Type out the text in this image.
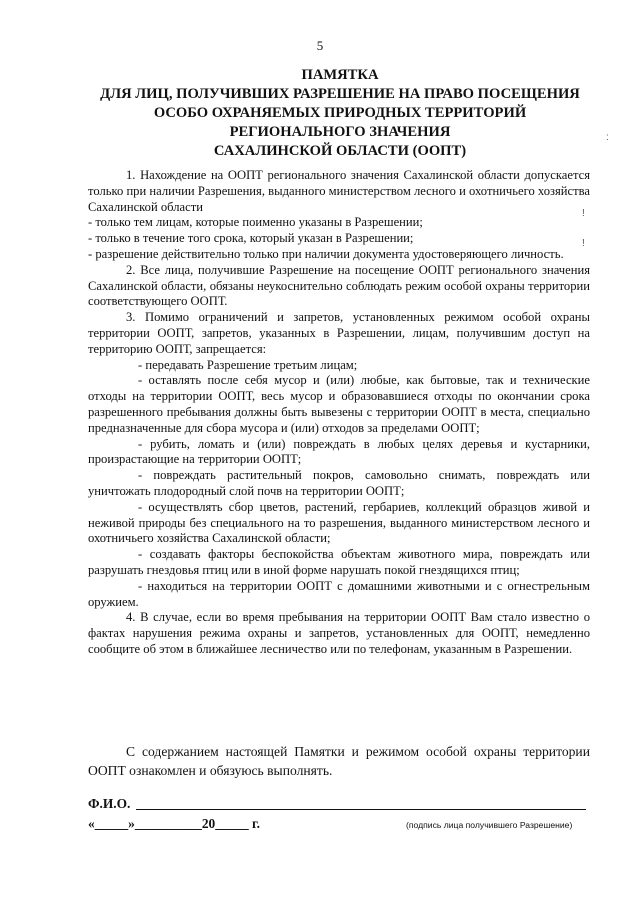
5
ПАМЯТКА
ДЛЯ ЛИЦ, ПОЛУЧИВШИХ РАЗРЕШЕНИЕ НА ПРАВО ПОСЕЩЕНИЯ
ОСОБО ОХРАНЯЕМЫХ ПРИРОДНЫХ ТЕРРИТОРИЙ
РЕГИОНАЛЬНОГО ЗНАЧЕНИЯ
САХАЛИНСКОЙ ОБЛАСТИ (ООПТ)

1. Нахождение на ООПТ регионального значения Сахалинской области допускается только при наличии Разрешения, выданного министерством лесного и охотничьего хозяйства Сахалинской области

- только тем лицам, которые поименно указаны в Разрешении;

- только в течение того срока, который указан в Разрешении;

- разрешение действительно только при наличии документа удостоверяющего личность.

2. Все лица, получившие Разрешение на посещение ООПТ регионального значения Сахалинской области, обязаны неукоснительно соблюдать режим особой охраны территории соответствующего ООПТ.

3. Помимо ограничений и запретов, установленных режимом особой охраны территории ООПТ, запретов, указанных в Разрешении, лицам, получившим доступ на территорию ООПТ, запрещается:

- передавать Разрешение третьим лицам;

- оставлять после себя мусор и (или) любые, как бытовые, так и технические отходы на территории ООПТ, весь мусор и образовавшиеся отходы по окончании срока разрешенного пребывания должны быть вывезены с территории ООПТ в места, специально предназначенные для сбора мусора и (или) отходов за пределами ООПТ;

- рубить, ломать и (или) повреждать в любых целях деревья и кустарники, произрастающие на территории ООПТ;

- повреждать растительный покров, самовольно снимать, повреждать или уничтожать плодородный слой почв на территории ООПТ;

- осуществлять сбор цветов, растений, гербариев, коллекций образцов живой и неживой природы без специального на то разрешения, выданного министерством лесного и охотничьего хозяйства Сахалинской области;

- создавать факторы беспокойства объектам животного мира, повреждать или разрушать гнездовья птиц или в иной форме нарушать покой гнездящихся птиц;

- находиться на территории ООПТ с домашними животными и с огнестрельным оружием.

4. В случае, если во время пребывания на территории ООПТ Вам стало известно о фактах нарушения режима охраны и запретов, установленных для ООПТ, немедленно сообщите об этом в ближайшее лесничество или по телефонам, указанным в Разрешении.

С содержанием настоящей Памятки и режимом особой охраны территории ООПТ ознакомлен и обязуюсь выполнять.

Ф.И.О.
«_____»__________20_____ г.	(подпись лица получившего Разрешение)
:
!
!
